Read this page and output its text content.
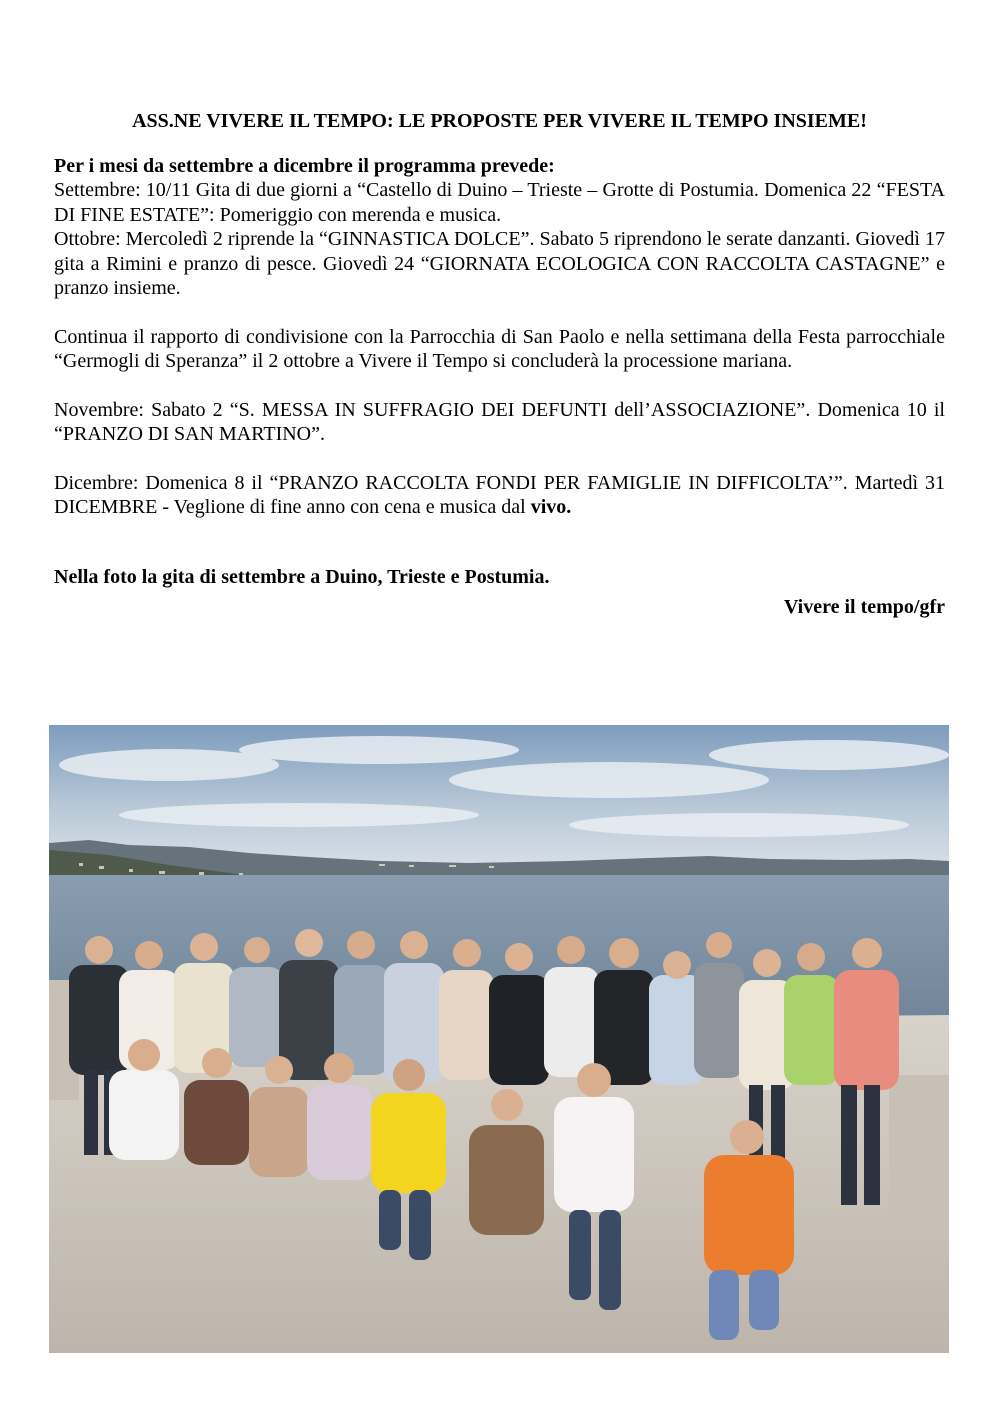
ASS.NE VIVERE IL TEMPO: LE PROPOSTE PER VIVERE IL TEMPO INSIEME!
Per i mesi da settembre a dicembre il programma prevede:

Settembre: 10/11 Gita di due giorni a “Castello di Duino – Trieste – Grotte di Postumia. Domenica 22 “FESTA DI FINE ESTATE”: Pomeriggio con merenda e musica.

Ottobre: Mercoledì 2 riprende la “GINNASTICA DOLCE”. Sabato 5 riprendono le serate danzanti. Giovedì 17 gita a Rimini e pranzo di pesce. Giovedì 24 “GIORNATA ECOLOGICA CON RACCOLTA CASTAGNE” e pranzo insieme.

Continua il rapporto di condivisione con la Parrocchia di San Paolo e nella settimana della Festa parrocchiale “Germogli di Speranza” il 2 ottobre a Vivere il Tempo si concluderà la processione mariana.

Novembre: Sabato 2 “S. MESSA IN SUFFRAGIO DEI DEFUNTI dell’ASSOCIAZIONE”. Domenica 10 il “PRANZO DI SAN MARTINO”.

Dicembre: Domenica 8 il “PRANZO RACCOLTA FONDI PER FAMIGLIE IN DIFFICOLTA’”. Martedì 31 DICEMBRE - Veglione di fine anno con cena e musica dal vivo.

Nella foto la gita di settembre a Duino, Trieste e Postumia.
Vivere il tempo/gfr
